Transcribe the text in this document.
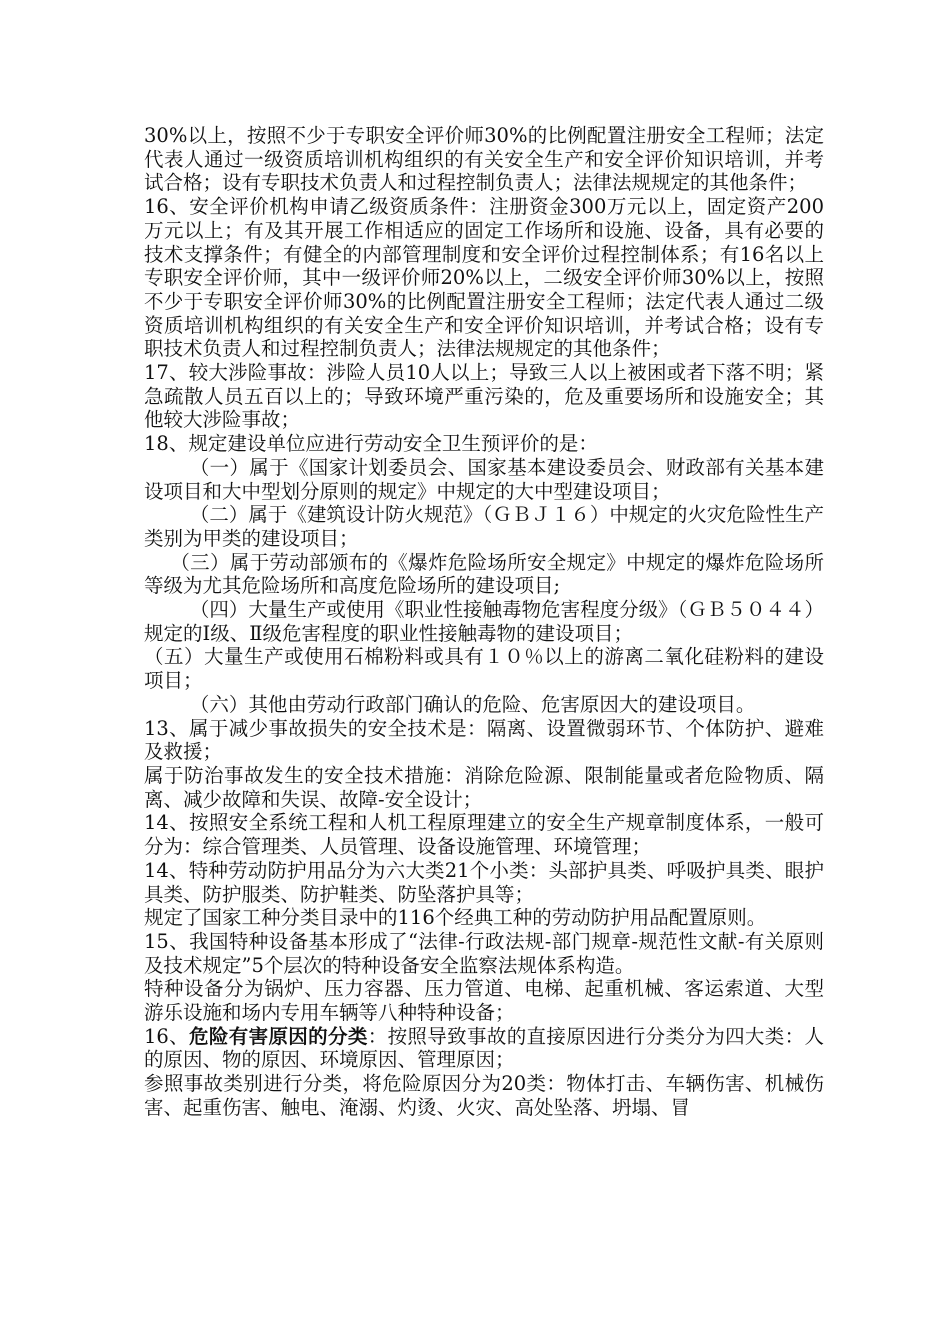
30%以上，按照不少于专职安全评价师30%的比例配置注册安全工程师；法定代表人通过一级资质培训机构组织的有关安全生产和安全评价知识培训，并考试合格；设有专职技术负责人和过程控制负责人；法律法规规定的其他条件；

16、安全评价机构申请乙级资质条件：注册资金300万元以上，固定资产200万元以上；有及其开展工作相适应的固定工作场所和设施、设备，具有必要的技术支撑条件；有健全的内部管理制度和安全评价过程控制体系；有16名以上专职安全评价师，其中一级评价师20%以上，二级安全评价师30%以上，按照不少于专职安全评价师30%的比例配置注册安全工程师；法定代表人通过二级资质培训机构组织的有关安全生产和安全评价知识培训，并考试合格；设有专职技术负责人和过程控制负责人；法律法规规定的其他条件；

17、较大涉险事故：涉险人员10人以上；导致三人以上被困或者下落不明；紧急疏散人员五百以上的；导致环境严重污染的，危及重要场所和设施安全；其他较大涉险事故；

18、规定建设单位应进行劳动安全卫生预评价的是：

（一）属于《国家计划委员会、国家基本建设委员会、财政部有关基本建设项目和大中型划分原则的规定》中规定的大中型建设项目；

（二）属于《建筑设计防火规范》（ＧＢＪ１６）中规定的火灾危险性生产类别为甲类的建设项目；

（三）属于劳动部颁布的《爆炸危险场所安全规定》中规定的爆炸危险场所等级为尤其危险场所和高度危险场所的建设项目;

（四）大量生产或使用《职业性接触毒物危害程度分级》（ＧＢ５０４４）规定的Ⅰ级、Ⅱ级危害程度的职业性接触毒物的建设项目；

（五）大量生产或使用石棉粉料或具有１０％以上的游离二氧化硅粉料的建设项目；

（六）其他由劳动行政部门确认的危险、危害原因大的建设项目。

13、属于减少事故损失的安全技术是：隔离、设置微弱环节、个体防护、避难及救援；

属于防治事故发生的安全技术措施：消除危险源、限制能量或者危险物质、隔离、减少故障和失误、故障-安全设计；

14、按照安全系统工程和人机工程原理建立的安全生产规章制度体系，一般可分为：综合管理类、人员管理、设备设施管理、环境管理；

14、特种劳动防护用品分为六大类21个小类：头部护具类、呼吸护具类、眼护具类、防护服类、防护鞋类、防坠落护具等；

规定了国家工种分类目录中的116个经典工种的劳动防护用品配置原则。

15、我国特种设备基本形成了“法律-行政法规-部门规章-规范性文献-有关原则及技术规定”5个层次的特种设备安全监察法规体系构造。

特种设备分为锅炉、压力容器、压力管道、电梯、起重机械、客运索道、大型游乐设施和场内专用车辆等八种特种设备；

16、危险有害原因的分类：按照导致事故的直接原因进行分类分为四大类：人的原因、物的原因、环境原因、管理原因；

参照事故类别进行分类，将危险原因分为20类：物体打击、车辆伤害、机械伤害、起重伤害、触电、淹溺、灼烫、火灾、高处坠落、坍塌、冒
